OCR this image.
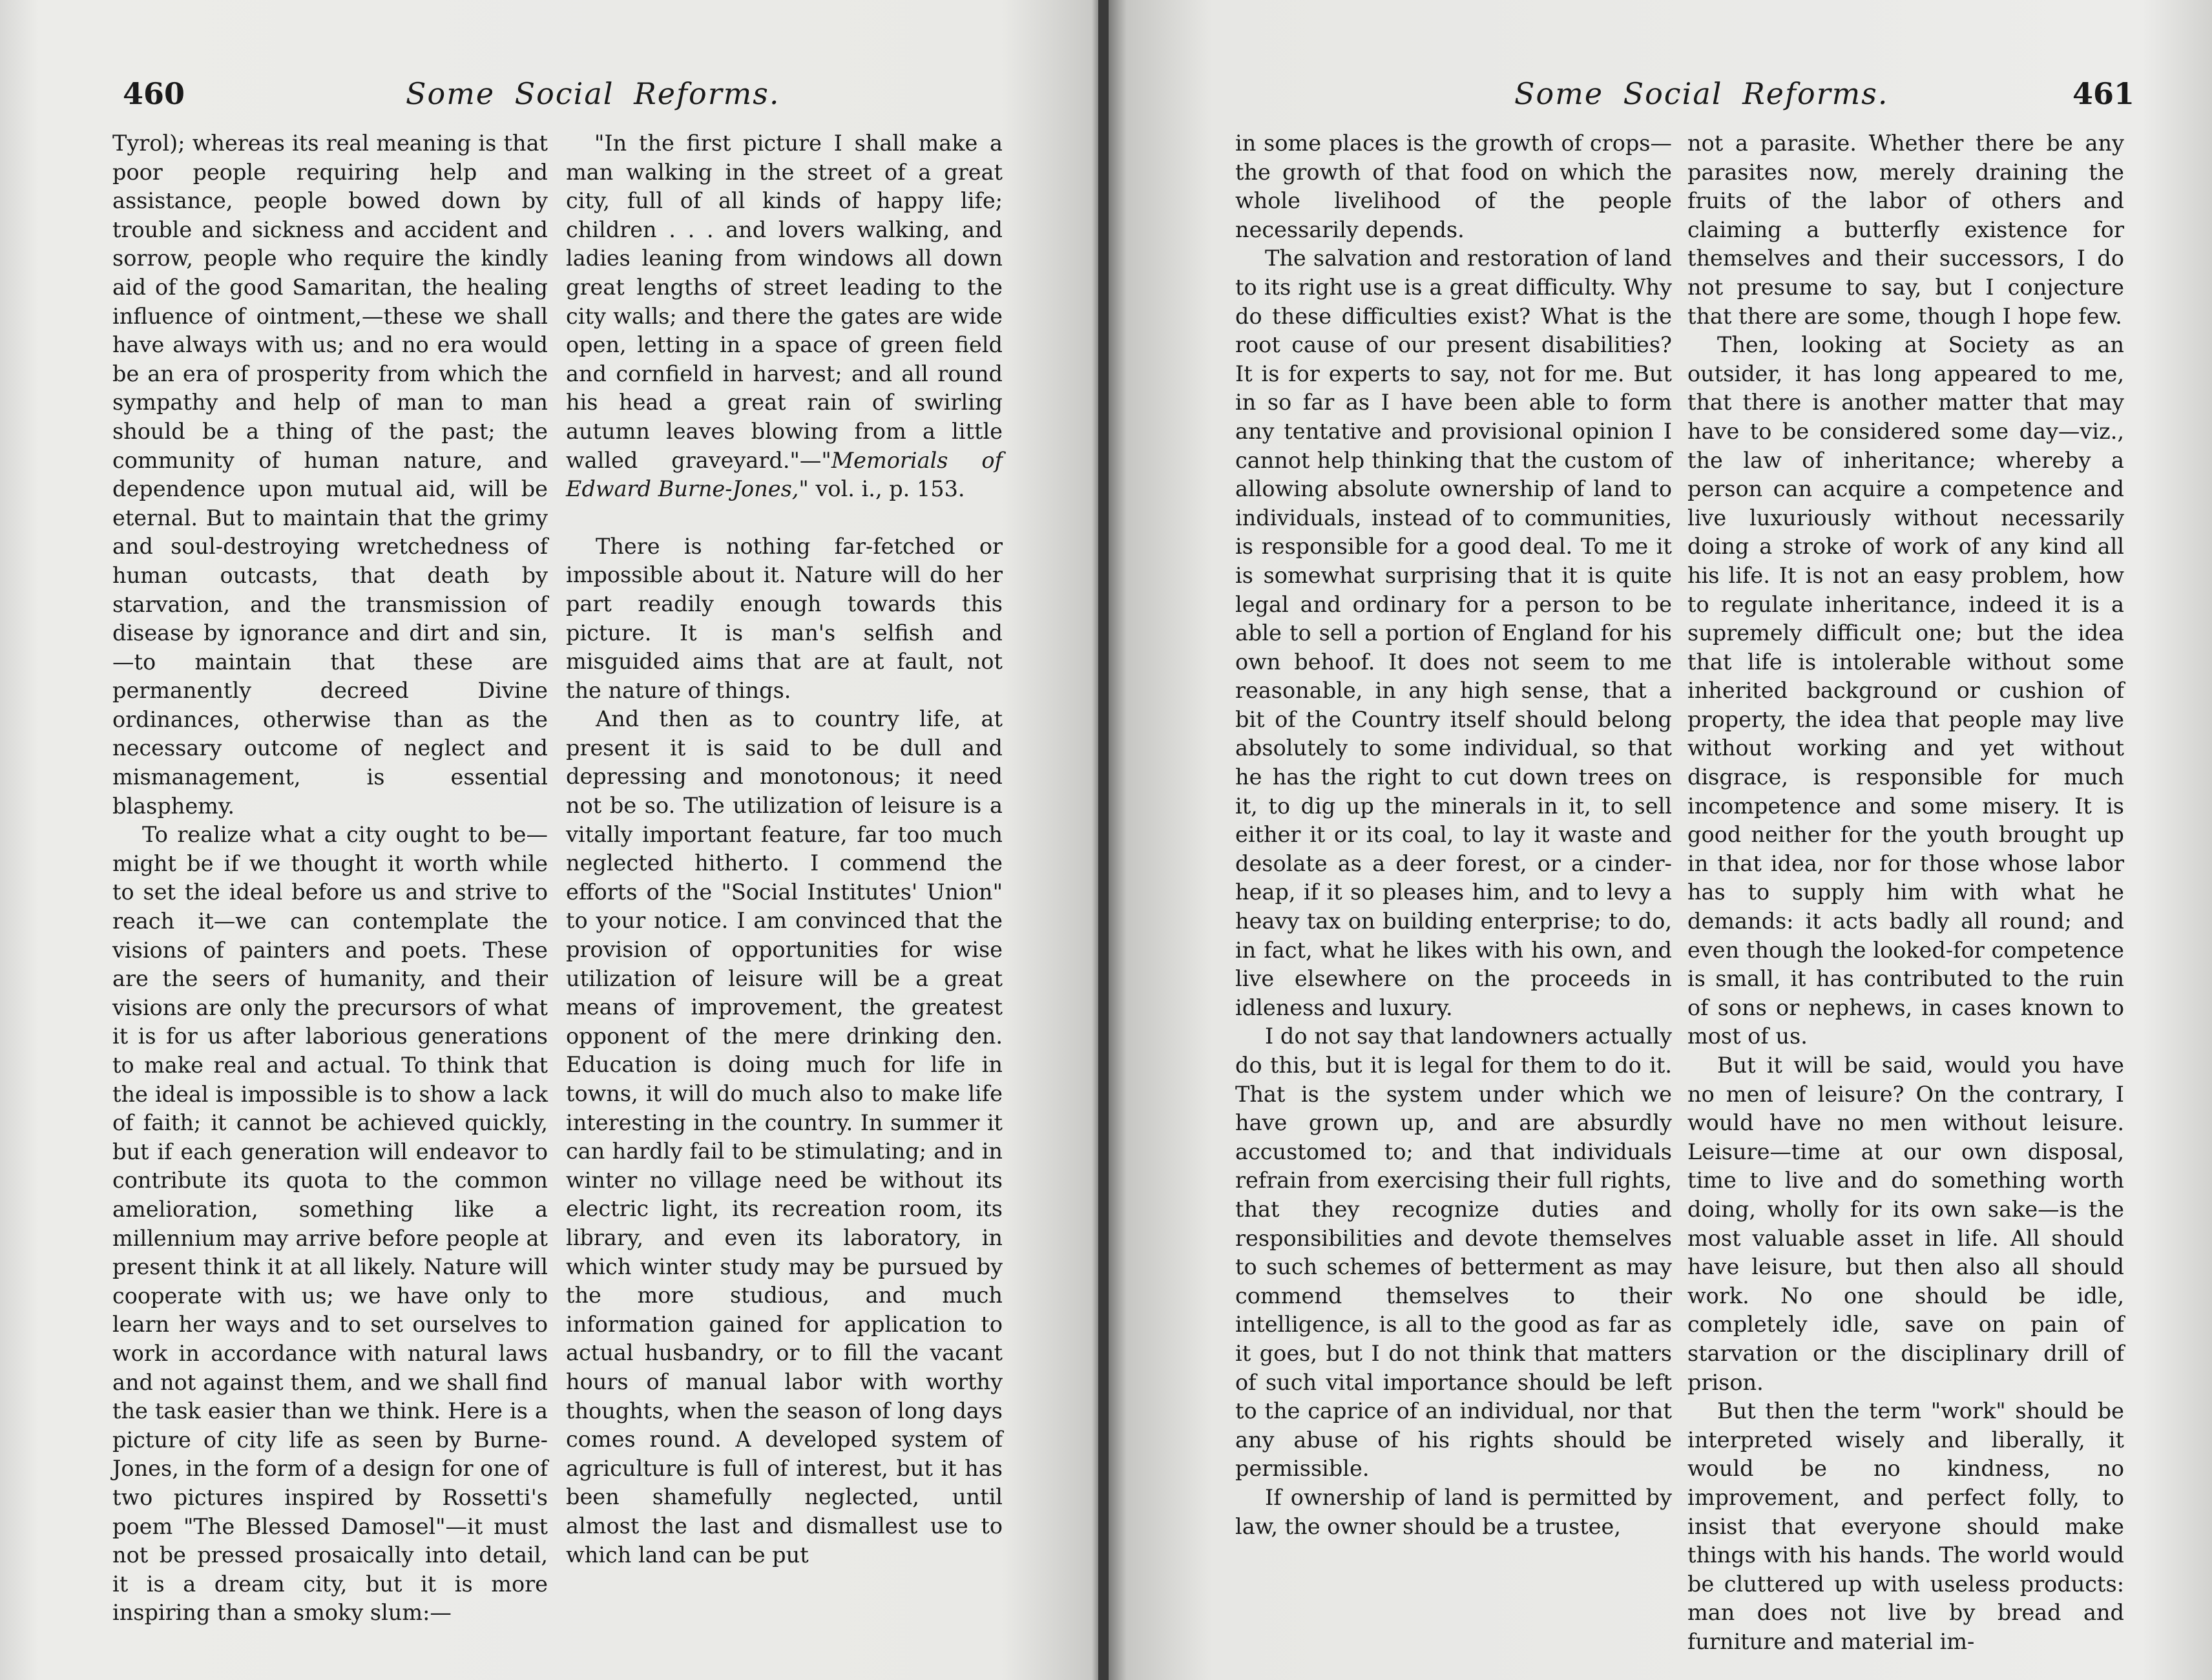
460	Some Social Reforms.

Tyrol); whereas its real meaning is that poor people requiring help and assistance, people bowed down by trouble and sickness and accident and sorrow, people who require the kindly aid of the good Samaritan, the healing influence of ointment,—these we shall have always with us; and no era would be an era of prosperity from which the sympathy and help of man to man should be a thing of the past; the community of human nature, and dependence upon mutual aid, will be eternal. But to maintain that the grimy and soul-destroying wretchedness of human outcasts, that death by starvation, and the transmission of disease by ignorance and dirt and sin,—to maintain that these are permanently decreed Divine ordinances, otherwise than as the necessary outcome of neglect and mismanagement, is essential blasphemy.

To realize what a city ought to be—might be if we thought it worth while to set the ideal before us and strive to reach it—we can contemplate the visions of painters and poets. These are the seers of humanity, and their visions are only the precursors of what it is for us after laborious generations to make real and actual. To think that the ideal is impossible is to show a lack of faith; it cannot be achieved quickly, but if each generation will endeavor to contribute its quota to the common amelioration, something like a millennium may arrive before people at present think it at all likely. Nature will cooperate with us; we have only to learn her ways and to set ourselves to work in accordance with natural laws and not against them, and we shall find the task easier than we think. Here is a picture of city life as seen by Burne-Jones, in the form of a design for one of two pictures inspired by Rossetti's poem "The Blessed Damosel"—it must not be pressed prosaically into detail, it is a dream city, but it is more inspiring than a smoky slum:—

"In the first picture I shall make a man walking in the street of a great city, full of all kinds of happy life; children . . . and lovers walking, and ladies leaning from windows all down great lengths of street leading to the city walls; and there the gates are wide open, letting in a space of green field and cornfield in harvest; and all round his head a great rain of swirling autumn leaves blowing from a little walled graveyard."—"Memorials of Edward Burne-Jones," vol. i., p. 153.

There is nothing far-fetched or impossible about it. Nature will do her part readily enough towards this picture. It is man's selfish and misguided aims that are at fault, not the nature of things.

And then as to country life, at present it is said to be dull and depressing and monotonous; it need not be so. The utilization of leisure is a vitally important feature, far too much neglected hitherto. I commend the efforts of the "Social Institutes' Union" to your notice. I am convinced that the provision of opportunities for wise utilization of leisure will be a great means of improvement, the greatest opponent of the mere drinking den. Education is doing much for life in towns, it will do much also to make life interesting in the country. In summer it can hardly fail to be stimulating; and in winter no village need be without its electric light, its recreation room, its library, and even its laboratory, in which winter study may be pursued by the more studious, and much information gained for application to actual husbandry, or to fill the vacant hours of manual labor with worthy thoughts, when the season of long days comes round. A developed system of agriculture is full of interest, but it has been shamefully neglected, until almost the last and dismallest use to which land can be put

Some Social Reforms.	461

in some places is the growth of crops—the growth of that food on which the whole livelihood of the people necessarily depends.

The salvation and restoration of land to its right use is a great difficulty. Why do these difficulties exist? What is the root cause of our present disabilities? It is for experts to say, not for me. But in so far as I have been able to form any tentative and provisional opinion I cannot help thinking that the custom of allowing absolute ownership of land to individuals, instead of to communities, is responsible for a good deal. To me it is somewhat surprising that it is quite legal and ordinary for a person to be able to sell a portion of England for his own behoof. It does not seem to me reasonable, in any high sense, that a bit of the Country itself should belong absolutely to some individual, so that he has the right to cut down trees on it, to dig up the minerals in it, to sell either it or its coal, to lay it waste and desolate as a deer forest, or a cinder-heap, if it so pleases him, and to levy a heavy tax on building enterprise; to do, in fact, what he likes with his own, and live elsewhere on the proceeds in idleness and luxury.

I do not say that landowners actually do this, but it is legal for them to do it. That is the system under which we have grown up, and are absurdly accustomed to; and that individuals refrain from exercising their full rights, that they recognize duties and responsibilities and devote themselves to such schemes of betterment as may commend themselves to their intelligence, is all to the good as far as it goes, but I do not think that matters of such vital importance should be left to the caprice of an individual, nor that any abuse of his rights should be permissible.

If ownership of land is permitted by law, the owner should be a trustee,

not a parasite. Whether there be any parasites now, merely draining the fruits of the labor of others and claiming a butterfly existence for themselves and their successors, I do not presume to say, but I conjecture that there are some, though I hope few.

Then, looking at Society as an outsider, it has long appeared to me, that there is another matter that may have to be considered some day—viz., the law of inheritance; whereby a person can acquire a competence and live luxuriously without necessarily doing a stroke of work of any kind all his life. It is not an easy problem, how to regulate inheritance, indeed it is a supremely difficult one; but the idea that life is intolerable without some inherited background or cushion of property, the idea that people may live without working and yet without disgrace, is responsible for much incompetence and some misery. It is good neither for the youth brought up in that idea, nor for those whose labor has to supply him with what he demands: it acts badly all round; and even though the looked-for competence is small, it has contributed to the ruin of sons or nephews, in cases known to most of us.

But it will be said, would you have no men of leisure? On the contrary, I would have no men without leisure. Leisure—time at our own disposal, time to live and do something worth doing, wholly for its own sake—is the most valuable asset in life. All should have leisure, but then also all should work. No one should be idle, completely idle, save on pain of starvation or the disciplinary drill of prison.

But then the term "work" should be interpreted wisely and liberally, it would be no kindness, no improvement, and perfect folly, to insist that everyone should make things with his hands. The world would be cluttered up with useless products: man does not live by bread and furniture and material im-
